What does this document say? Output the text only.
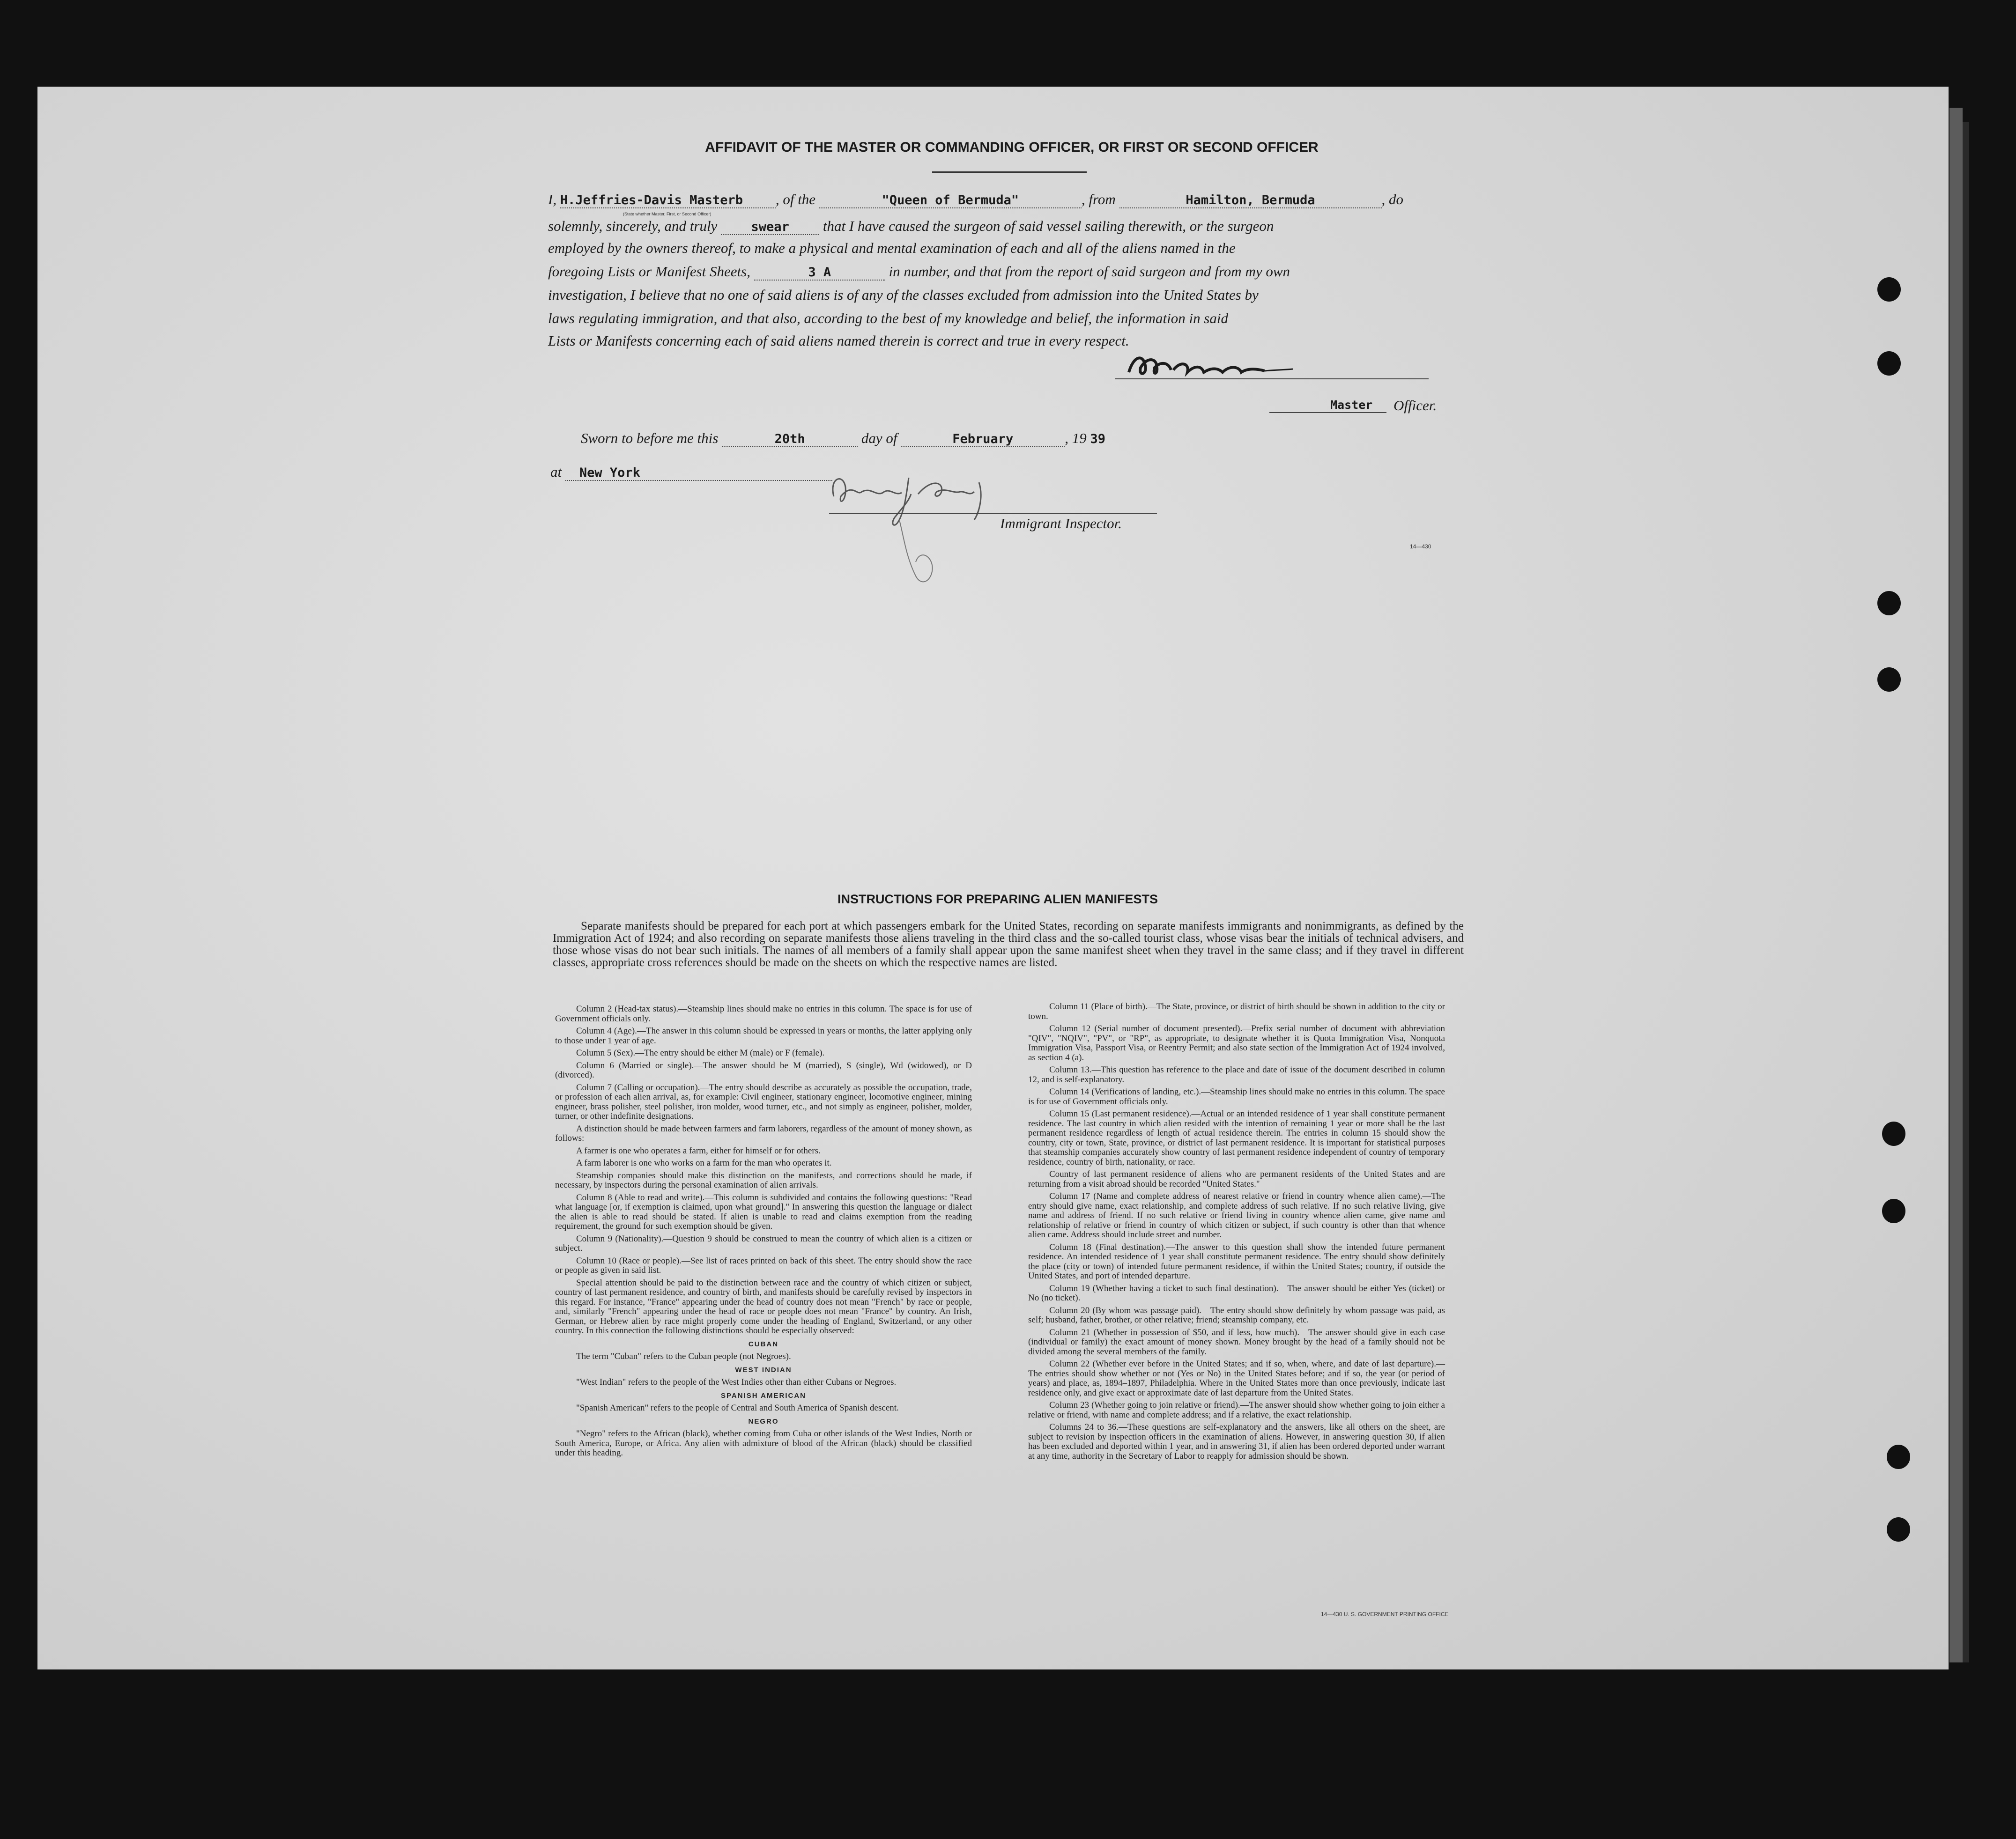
AFFIDAVIT OF THE MASTER OR COMMANDING OFFICER, OR FIRST OR SECOND OFFICER
I, H.Jeffries-Davis Masterb , of the	"Queen of Bermuda"	, from	Hamilton, Bermuda	, do
(State whether Master, First, or Second Officer)
solemnly, sincerely, and truly	swear that I have caused the surgeon of said vessel sailing therewith, or the surgeon
employed by the owners thereof, to make a physical and mental examination of each and all of the aliens named in the
foregoing Lists or Manifest Sheets,	3 A	in number, and that from the report of said surgeon and from my own
investigation, I believe that no one of said aliens is of any of the classes excluded from admission into the United States by
laws regulating immigration, and that also, according to the best of my knowledge and belief, the information in said
Lists or Manifests concerning each of said aliens named therein is correct and true in every respect.
Master Officer.
Sworn to before me this	20th	day of	February	, 19 39
at New York
Immigrant Inspector.
14—430
INSTRUCTIONS FOR PREPARING ALIEN MANIFESTS
Separate manifests should be prepared for each port at which passengers embark for the United States, recording on separate manifests immigrants and nonimmigrants, as defined by the Immigration Act of 1924; and also recording on separate manifests those aliens traveling in the third class and the so-called tourist class, whose visas bear the initials of technical advisers, and those whose visas do not bear such initials. The names of all members of a family shall appear upon the same manifest sheet when they travel in the same class; and if they travel in different classes, appropriate cross references should be made on the sheets on which the respective names are listed.

Column 2 (Head-tax status).—Steamship lines should make no entries in this column. The space is for use of Government officials only.

Column 4 (Age).—The answer in this column should be expressed in years or months, the latter applying only to those under 1 year of age.

Column 5 (Sex).—The entry should be either M (male) or F (female).

Column 6 (Married or single).—The answer should be M (married), S (single), Wd (widowed), or D (divorced).

Column 7 (Calling or occupation).—The entry should describe as accurately as possible the occupation, trade, or profession of each alien arrival, as, for example: Civil engineer, stationary engineer, locomotive engineer, mining engineer, brass polisher, steel polisher, iron molder, wood turner, etc., and not simply as engineer, polisher, molder, turner, or other indefinite designations.

A distinction should be made between farmers and farm laborers, regardless of the amount of money shown, as follows:

A farmer is one who operates a farm, either for himself or for others.

A farm laborer is one who works on a farm for the man who operates it.

Steamship companies should make this distinction on the manifests, and corrections should be made, if necessary, by inspectors during the personal examination of alien arrivals.

Column 8 (Able to read and write).—This column is subdivided and contains the following questions: "Read what language [or, if exemption is claimed, upon what ground]." In answering this question the language or dialect the alien is able to read should be stated. If alien is unable to read and claims exemption from the reading requirement, the ground for such exemption should be given.

Column 9 (Nationality).—Question 9 should be construed to mean the country of which alien is a citizen or subject.

Column 10 (Race or people).—See list of races printed on back of this sheet. The entry should show the race or people as given in said list.

Special attention should be paid to the distinction between race and the country of which citizen or subject, country of last permanent residence, and country of birth, and manifests should be carefully revised by inspectors in this regard. For instance, "France" appearing under the head of country does not mean "French" by race or people, and, similarly "French" appearing under the head of race or people does not mean "France" by country. An Irish, German, or Hebrew alien by race might properly come under the heading of England, Switzerland, or any other country. In this connection the following distinctions should be especially observed:

CUBAN

The term "Cuban" refers to the Cuban people (not Negroes).

WEST INDIAN

"West Indian" refers to the people of the West Indies other than either Cubans or Negroes.

SPANISH AMERICAN

"Spanish American" refers to the people of Central and South America of Spanish descent.

NEGRO

"Negro" refers to the African (black), whether coming from Cuba or other islands of the West Indies, North or South America, Europe, or Africa. Any alien with admixture of blood of the African (black) should be classified under this heading.

Column 11 (Place of birth).—The State, province, or district of birth should be shown in addition to the city or town.

Column 12 (Serial number of document presented).—Prefix serial number of document with abbreviation "QIV", "NQIV", "PV", or "RP", as appropriate, to designate whether it is Quota Immigration Visa, Nonquota Immigration Visa, Passport Visa, or Reentry Permit; and also state section of the Immigration Act of 1924 involved, as section 4 (a).

Column 13.—This question has reference to the place and date of issue of the document described in column 12, and is self-explanatory.

Column 14 (Verifications of landing, etc.).—Steamship lines should make no entries in this column. The space is for use of Government officials only.

Column 15 (Last permanent residence).—Actual or an intended residence of 1 year shall constitute permanent residence. The last country in which alien resided with the intention of remaining 1 year or more shall be the last permanent residence regardless of length of actual residence therein. The entries in column 15 should show the country, city or town, State, province, or district of last permanent residence. It is important for statistical purposes that steamship companies accurately show country of last permanent residence independent of country of temporary residence, country of birth, nationality, or race.

Country of last permanent residence of aliens who are permanent residents of the United States and are returning from a visit abroad should be recorded "United States."

Column 17 (Name and complete address of nearest relative or friend in country whence alien came).—The entry should give name, exact relationship, and complete address of such relative. If no such relative living, give name and address of friend. If no such relative or friend living in country whence alien came, give name and relationship of relative or friend in country of which citizen or subject, if such country is other than that whence alien came. Address should include street and number.

Column 18 (Final destination).—The answer to this question shall show the intended future permanent residence. An intended residence of 1 year shall constitute permanent residence. The entry should show definitely the place (city or town) of intended future permanent residence, if within the United States; country, if outside the United States, and port of intended departure.

Column 19 (Whether having a ticket to such final destination).—The answer should be either Yes (ticket) or No (no ticket).

Column 20 (By whom was passage paid).—The entry should show definitely by whom passage was paid, as self; husband, father, brother, or other relative; friend; steamship company, etc.

Column 21 (Whether in possession of $50, and if less, how much).—The answer should give in each case (individual or family) the exact amount of money shown. Money brought by the head of a family should not be divided among the several members of the family.

Column 22 (Whether ever before in the United States; and if so, when, where, and date of last departure).—The entries should show whether or not (Yes or No) in the United States before; and if so, the year (or period of years) and place, as, 1894–1897, Philadelphia. Where in the United States more than once previously, indicate last residence only, and give exact or approximate date of last departure from the United States.

Column 23 (Whether going to join relative or friend).—The answer should show whether going to join either a relative or friend, with name and complete address; and if a relative, the exact relationship.

Columns 24 to 36.—These questions are self-explanatory and the answers, like all others on the sheet, are subject to revision by inspection officers in the examination of aliens. However, in answering question 30, if alien has been excluded and deported within 1 year, and in answering 31, if alien has been ordered deported under warrant at any time, authority in the Secretary of Labor to reapply for admission should be shown.

14—430 U. S. GOVERNMENT PRINTING OFFICE
